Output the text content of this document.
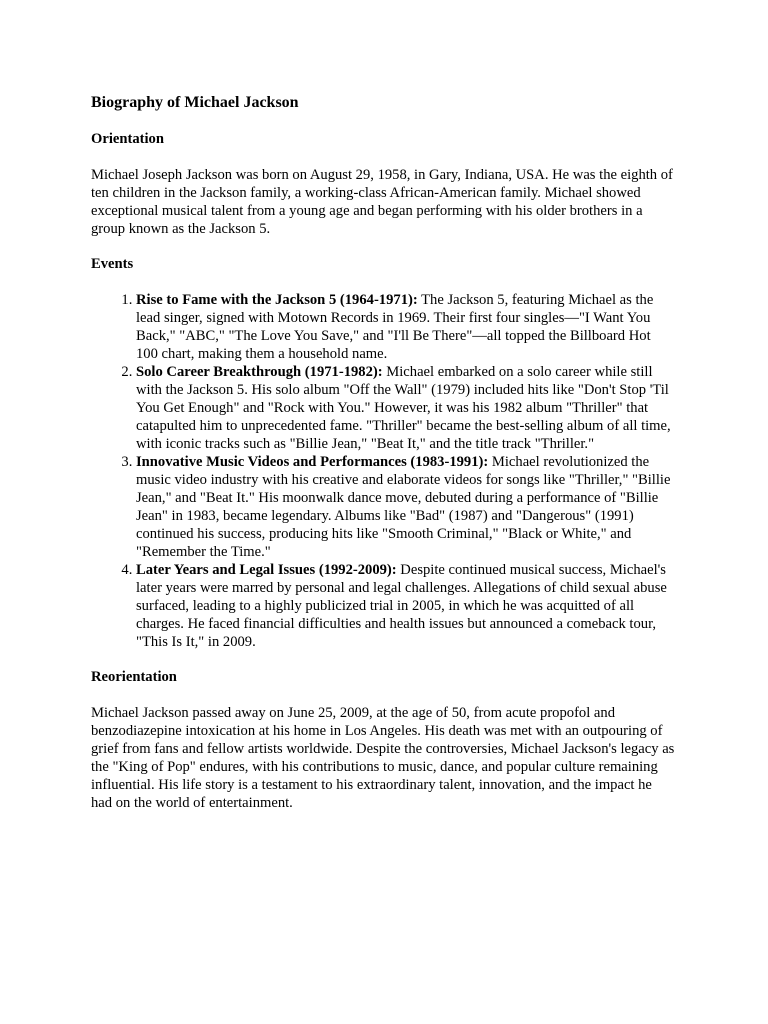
Biography of Michael Jackson
Orientation

Michael Joseph Jackson was born on August 29, 1958, in Gary, Indiana, USA. He was the eighth of ten children in the Jackson family, a working-class African-American family. Michael showed exceptional musical talent from a young age and began performing with his older brothers in a group known as the Jackson 5.

Events
1. Rise to Fame with the Jackson 5 (1964-1971): The Jackson 5, featuring Michael as the lead singer, signed with Motown Records in 1969. Their first four singles—"I Want You Back," "ABC," "The Love You Save," and "I'll Be There"—all topped the Billboard Hot 100 chart, making them a household name.
2. Solo Career Breakthrough (1971-1982): Michael embarked on a solo career while still with the Jackson 5. His solo album "Off the Wall" (1979) included hits like "Don't Stop 'Til You Get Enough" and "Rock with You." However, it was his 1982 album "Thriller" that catapulted him to unprecedented fame. "Thriller" became the best-selling album of all time, with iconic tracks such as "Billie Jean," "Beat It," and the title track "Thriller."
3. Innovative Music Videos and Performances (1983-1991): Michael revolutionized the music video industry with his creative and elaborate videos for songs like "Thriller," "Billie Jean," and "Beat It." His moonwalk dance move, debuted during a performance of "Billie Jean" in 1983, became legendary. Albums like "Bad" (1987) and "Dangerous" (1991) continued his success, producing hits like "Smooth Criminal," "Black or White," and "Remember the Time."
4. Later Years and Legal Issues (1992-2009): Despite continued musical success, Michael's later years were marred by personal and legal challenges. Allegations of child sexual abuse surfaced, leading to a highly publicized trial in 2005, in which he was acquitted of all charges. He faced financial difficulties and health issues but announced a comeback tour, "This Is It," in 2009.
Reorientation

Michael Jackson passed away on June 25, 2009, at the age of 50, from acute propofol and benzodiazepine intoxication at his home in Los Angeles. His death was met with an outpouring of grief from fans and fellow artists worldwide. Despite the controversies, Michael Jackson's legacy as the "King of Pop" endures, with his contributions to music, dance, and popular culture remaining influential. His life story is a testament to his extraordinary talent, innovation, and the impact he had on the world of entertainment.
